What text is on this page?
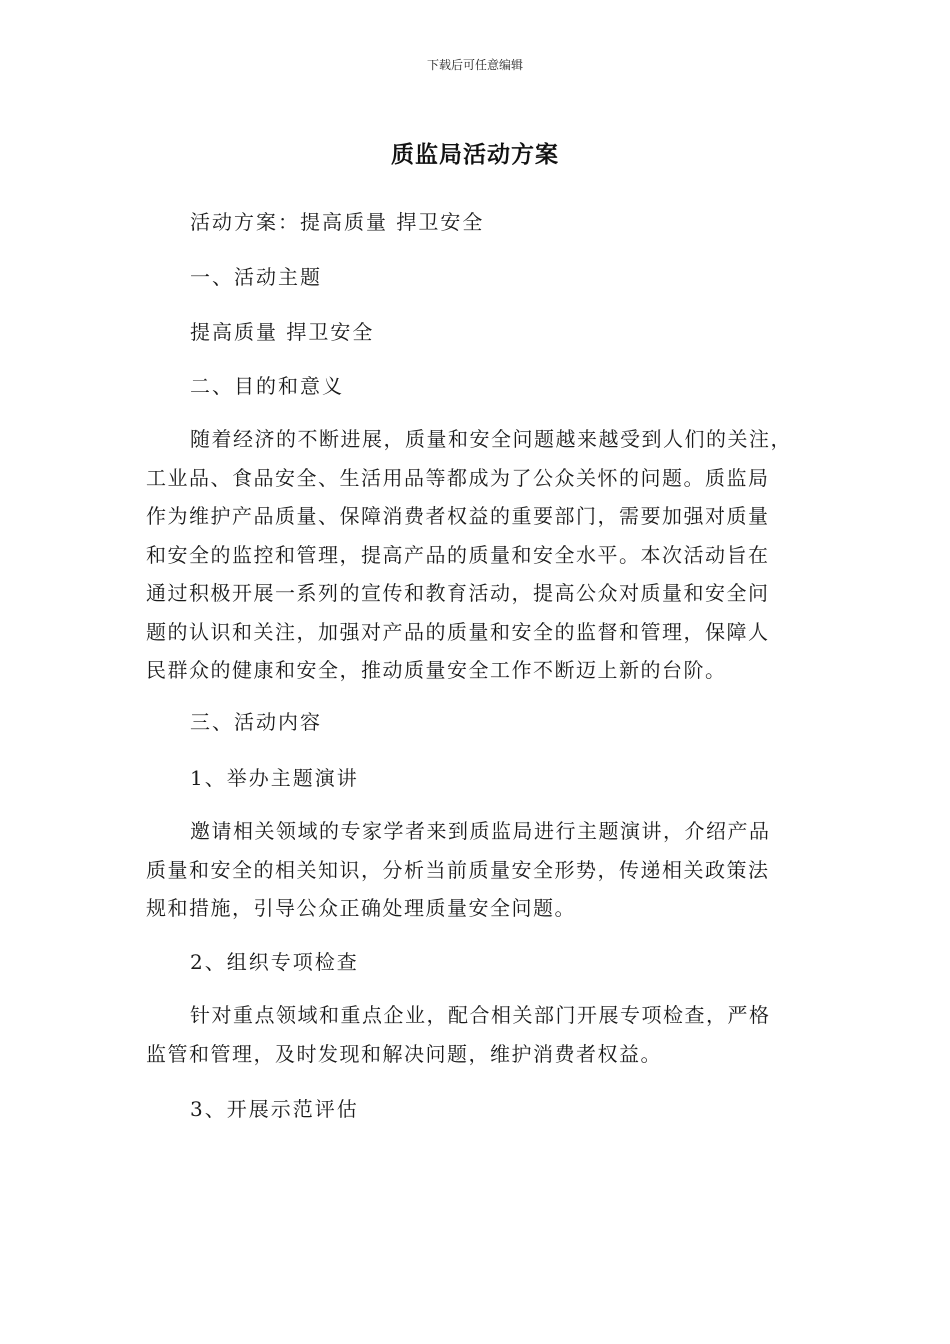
下载后可任意编辑
质监局活动方案
活动方案：提高质量 捍卫安全
一、活动主题
提高质量 捍卫安全
二、目的和意义
随着经济的不断进展，质量和安全问题越来越受到人们的关注，
工业品、食品安全、生活用品等都成为了公众关怀的问题。质监局
作为维护产品质量、保障消费者权益的重要部门，需要加强对质量
和安全的监控和管理，提高产品的质量和安全水平。本次活动旨在
通过积极开展一系列的宣传和教育活动，提高公众对质量和安全问
题的认识和关注，加强对产品的质量和安全的监督和管理，保障人
民群众的健康和安全，推动质量安全工作不断迈上新的台阶。
三、活动内容
1、举办主题演讲
邀请相关领域的专家学者来到质监局进行主题演讲，介绍产品
质量和安全的相关知识，分析当前质量安全形势，传递相关政策法
规和措施，引导公众正确处理质量安全问题。
2、组织专项检查
针对重点领域和重点企业，配合相关部门开展专项检查，严格
监管和管理，及时发现和解决问题，维护消费者权益。
3、开展示范评估
